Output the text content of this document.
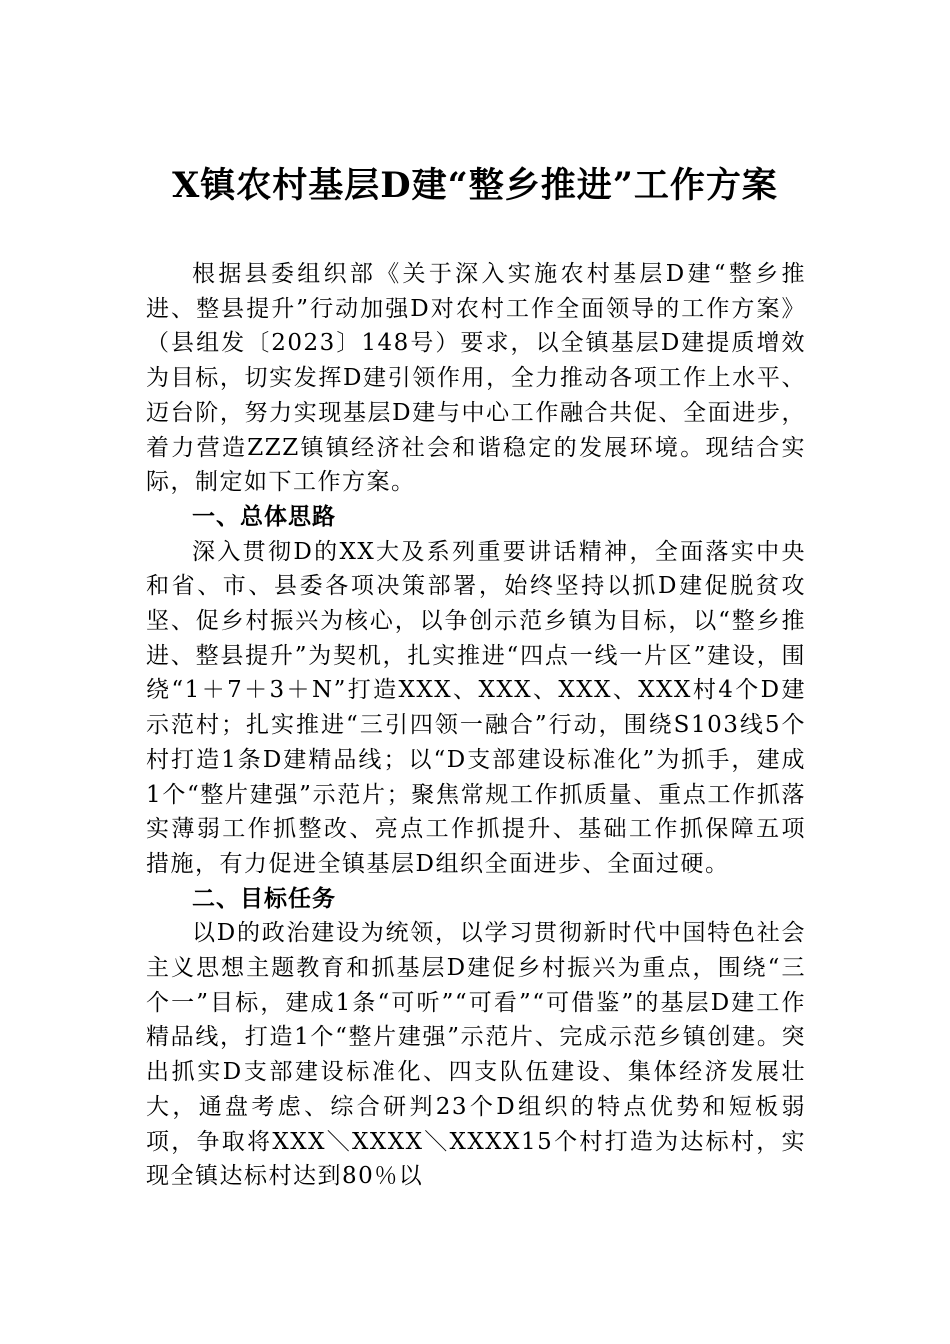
X镇农村基层D建“整乡推进”工作方案

根据县委组织部《关于深入实施农村基层D建“整乡推进、整县提升”行动加强D对农村工作全面领导的工作方案》（县组发〔2023〕148号）要求，以全镇基层D建提质增效为目标，切实发挥D建引领作用，全力推动各项工作上水平、迈台阶，努力实现基层D建与中心工作融合共促、全面进步，着力营造ZZZ镇镇经济社会和谐稳定的发展环境。现结合实际，制定如下工作方案。

一、总体思路

深入贯彻D的XX大及系列重要讲话精神，全面落实中央和省、市、县委各项决策部署，始终坚持以抓D建促脱贫攻坚、促乡村振兴为核心，以争创示范乡镇为目标，以“整乡推进、整县提升”为契机，扎实推进“四点一线一片区”建设，围绕“1＋7＋3＋N”打造XXX、XXX、XXX、XXX村4个D建示范村；扎实推进“三引四领一融合”行动，围绕S103线5个村打造1条D建精品线；以“D支部建设标准化”为抓手，建成1个“整片建强”示范片；聚焦常规工作抓质量、重点工作抓落实薄弱工作抓整改、亮点工作抓提升、基础工作抓保障五项措施，有力促进全镇基层D组织全面进步、全面过硬。

二、目标任务

以D的政治建设为统领，以学习贯彻新时代中国特色社会主义思想主题教育和抓基层D建促乡村振兴为重点，围绕“三个一”目标，建成1条“可听”“可看”“可借鉴”的基层D建工作精品线，打造1个“整片建强”示范片、完成示范乡镇创建。突出抓实D支部建设标准化、四支队伍建设、集体经济发展壮大，通盘考虑、综合研判23个D组织的特点优势和短板弱项，争取将XXX＼XXXX＼XXXX15个村打造为达标村，实现全镇达标村达到80％以
